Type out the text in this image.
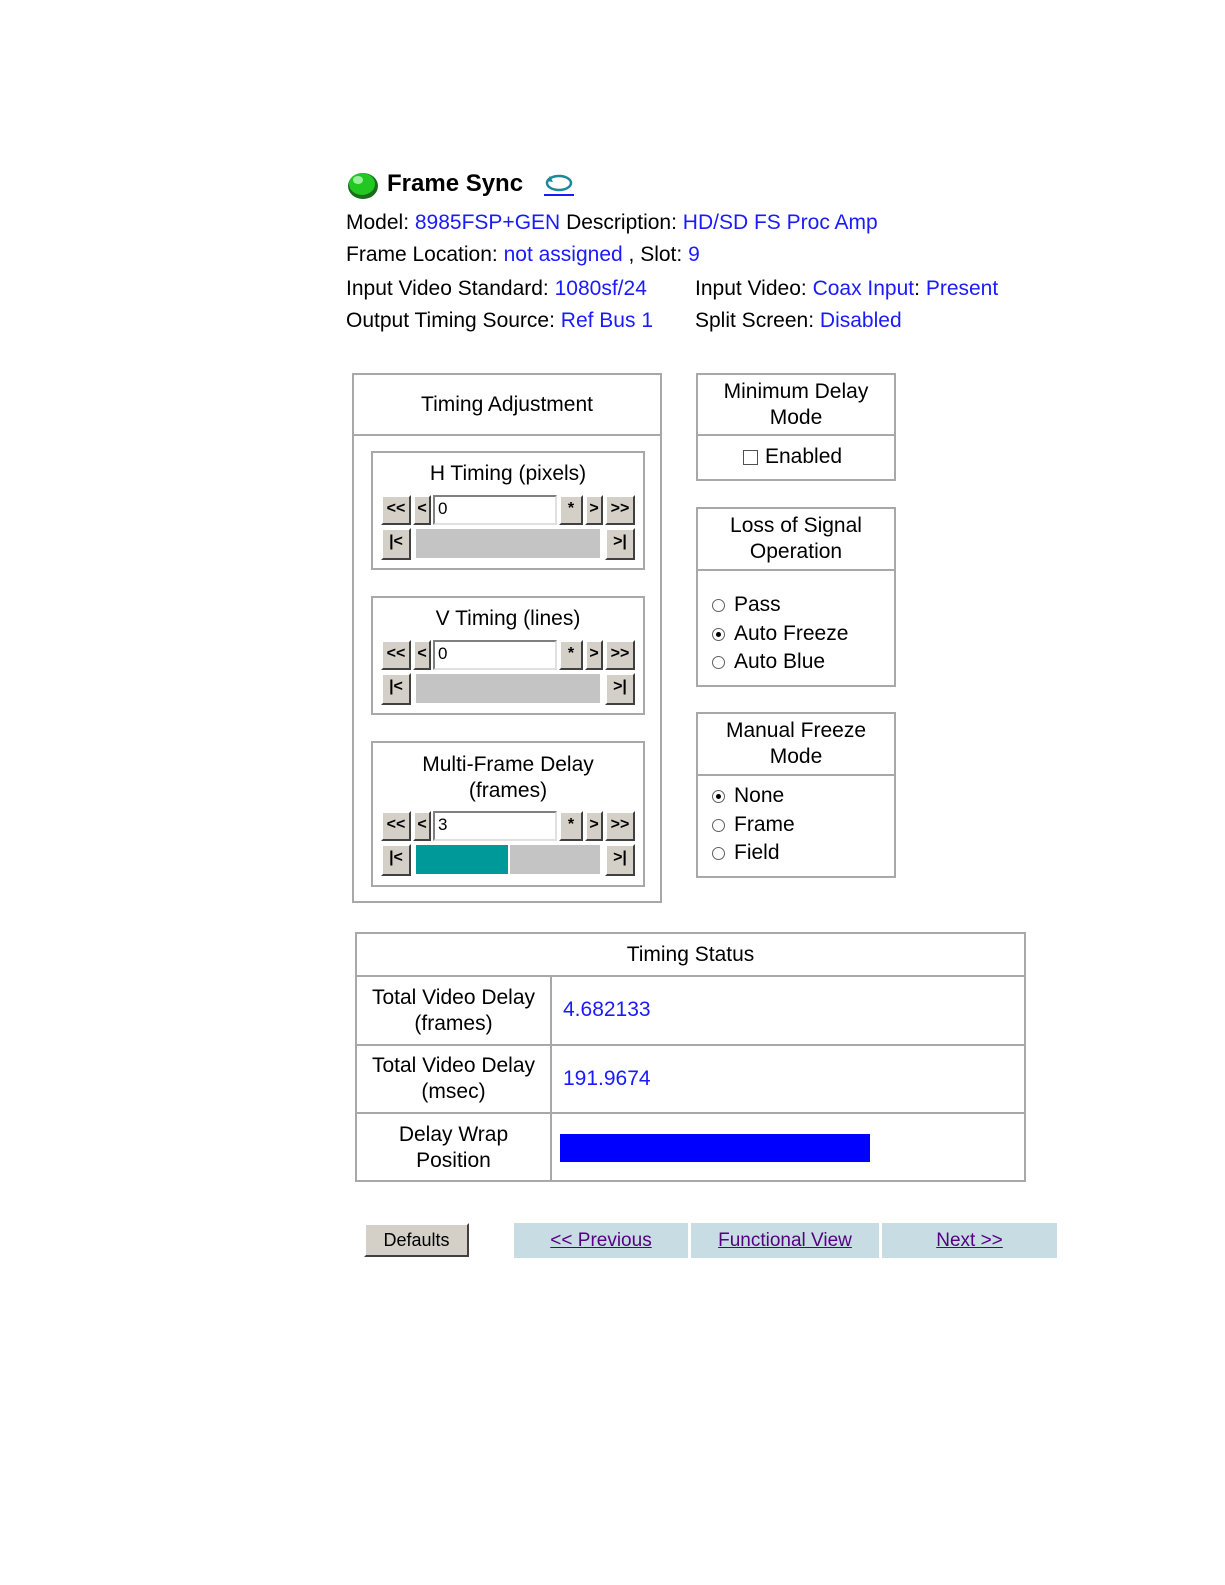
Frame Sync
Model: 8985FSP+GEN Description: HD/SD FS Proc Amp
Frame Location: not assigned , Slot: 9
Input Video Standard: 1080sf/24 Input Video: Coax Input: Present
Output Timing Source: Ref Bus 1 Split Screen: Disabled
Timing Adjustment
H Timing (pixels)
<< < 0	* > >>
|<	>|
V Timing (lines)
<< < 0	* > >>
|<	>|
Multi-Frame Delay
(frames)
<< < 3	* > >>
|<	>|
Minimum Delay
Mode
Enabled
Loss of Signal
Operation
Pass
Auto Freeze
Auto Blue
Manual Freeze
Mode
None
Frame
Field
Timing Status
Total Video Delay
(frames)
4.682133
Total Video Delay
(msec)
191.9674
Delay Wrap
Position
Defaults	<< Previous	Functional View	Next >>
